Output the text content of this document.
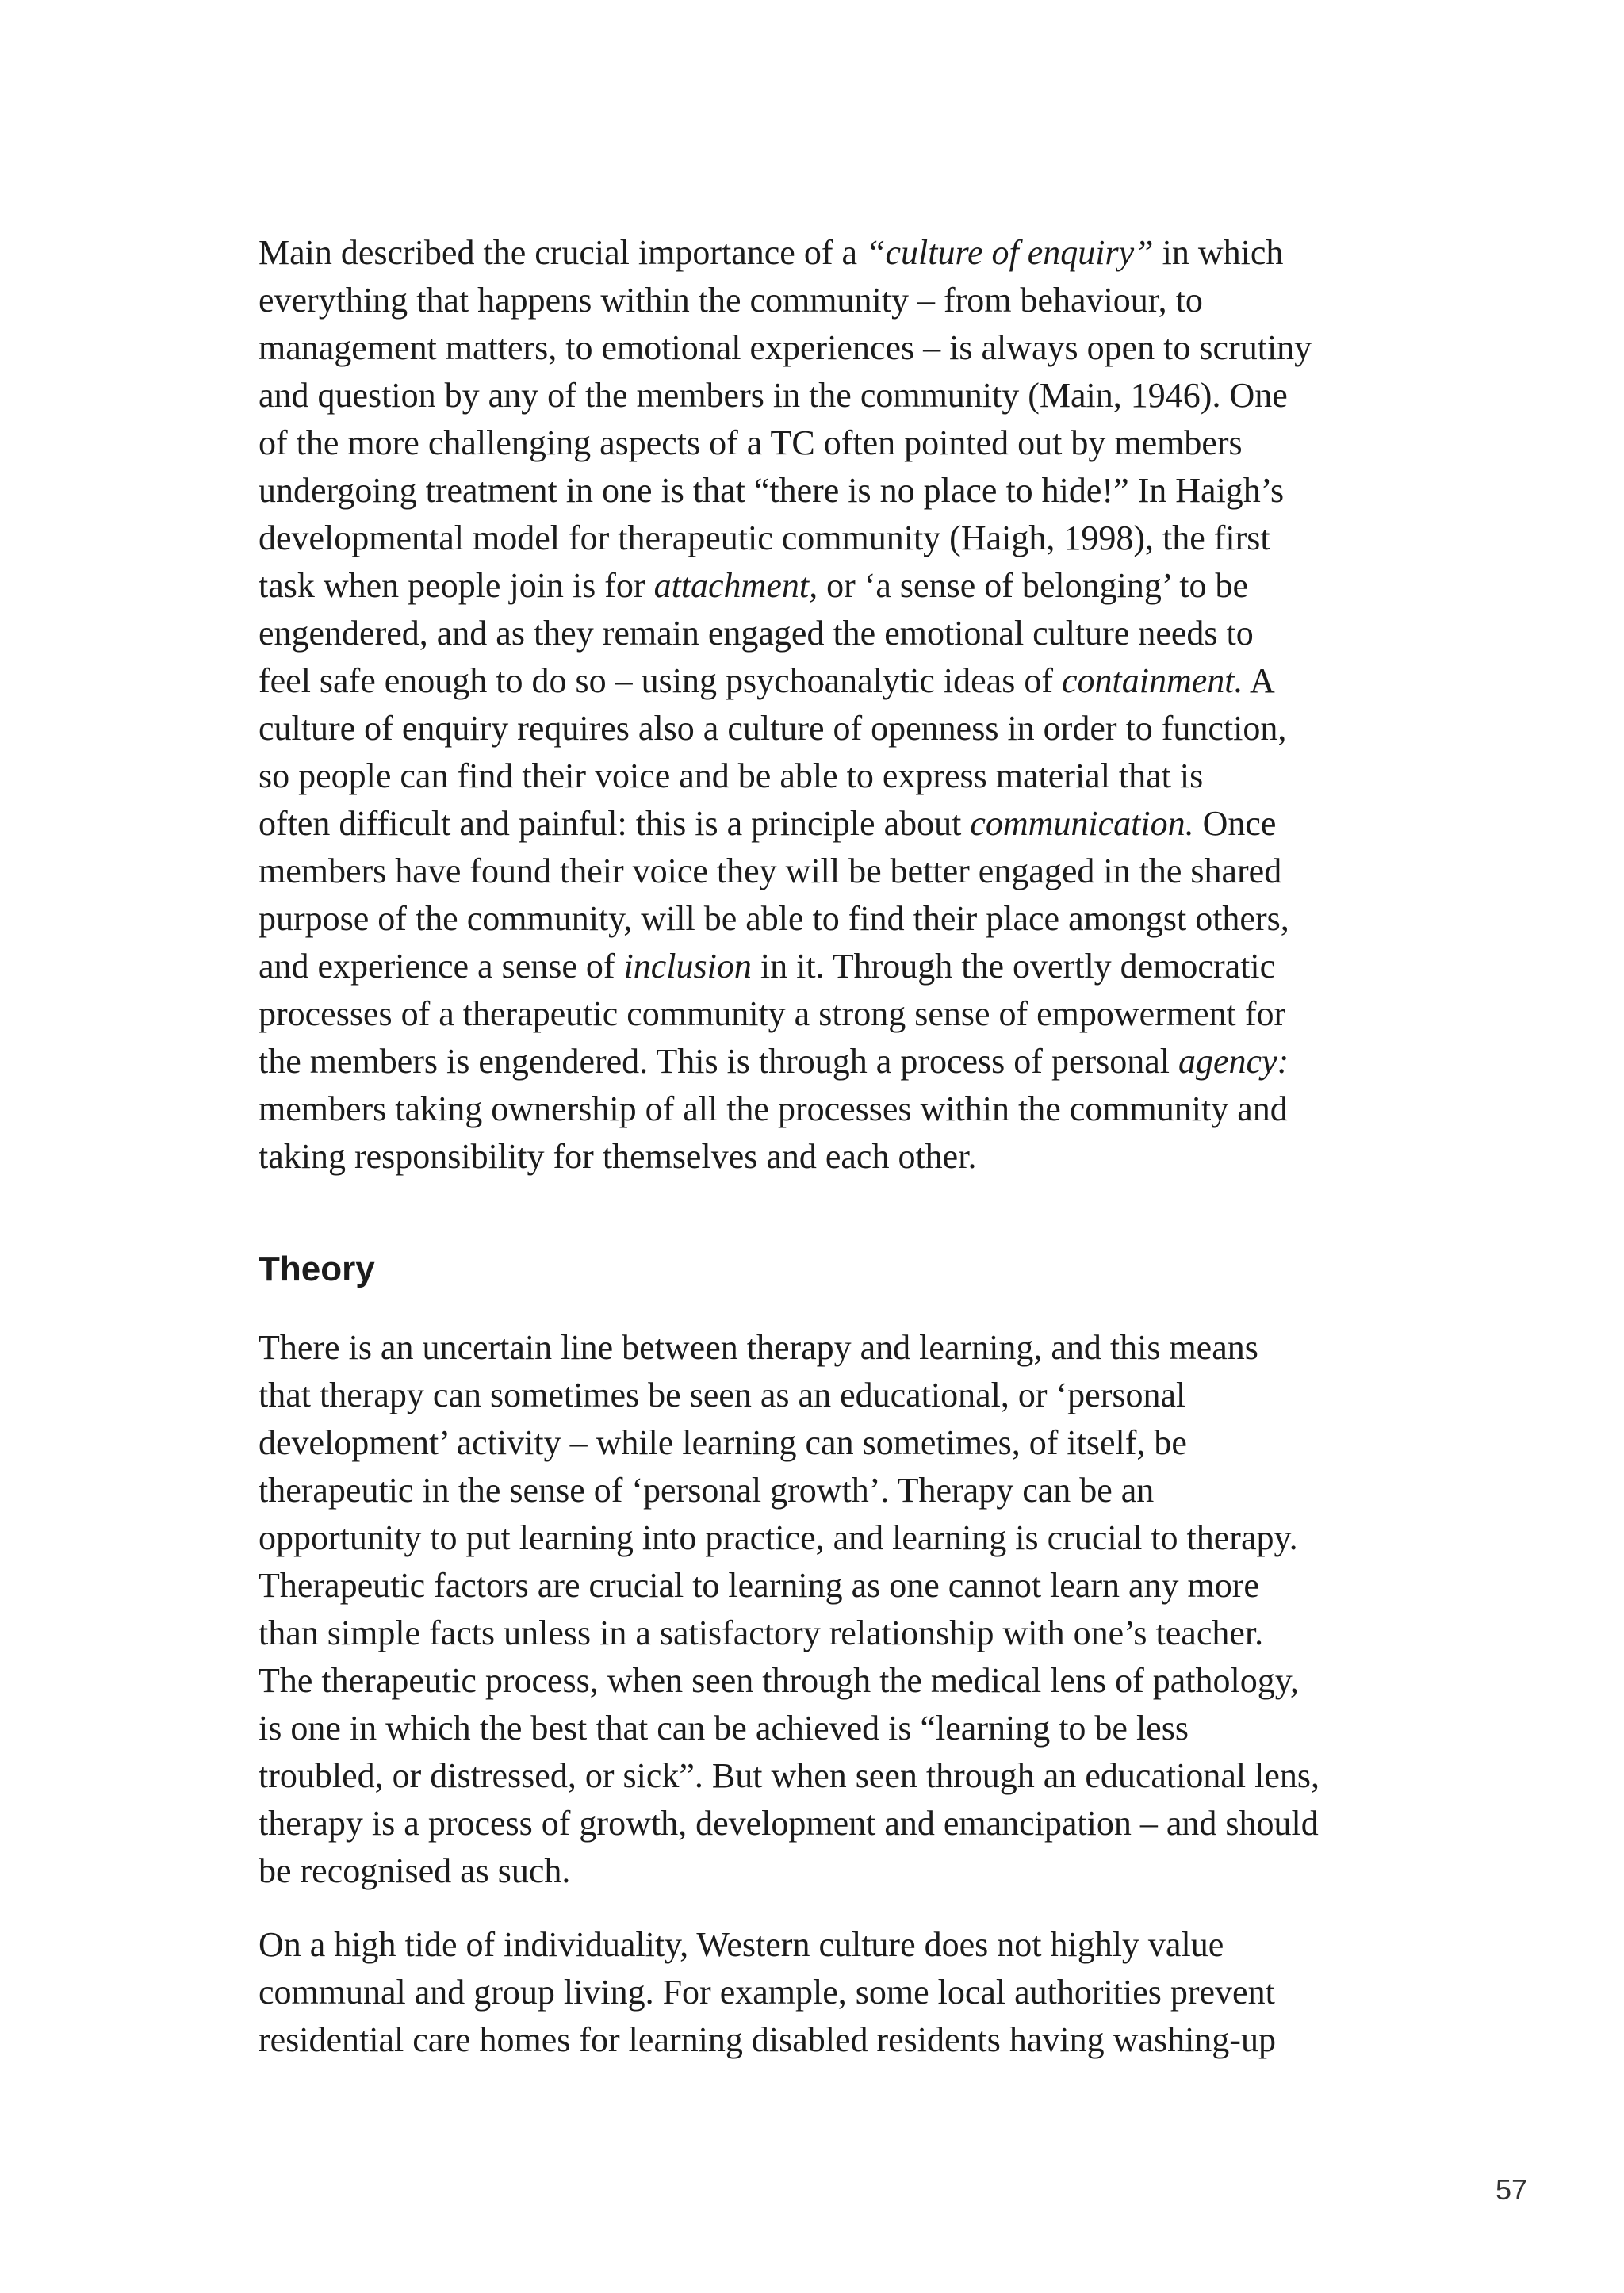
Main described the crucial importance of a “culture of enquiry” in which
everything that happens within the community – from behaviour, to
management matters, to emotional experiences – is always open to scrutiny
and question by any of the members in the community (Main, 1946). One
of the more challenging aspects of a TC often pointed out by members
undergoing treatment in one is that “there is no place to hide!” In Haigh’s
developmental model for therapeutic community (Haigh, 1998), the first
task when people join is for attachment, or ‘a sense of belonging’ to be
engendered, and as they remain engaged the emotional culture needs to
feel safe enough to do so – using psychoanalytic ideas of containment. A
culture of enquiry requires also a culture of openness in order to function,
so people can find their voice and be able to express material that is
often difficult and painful: this is a principle about communication. Once
members have found their voice they will be better engaged in the shared
purpose of the community, will be able to find their place amongst others,
and experience a sense of inclusion in it. Through the overtly democratic
processes of a therapeutic community a strong sense of empowerment for
the members is engendered. This is through a process of personal agency:
members taking ownership of all the processes within the community and
taking responsibility for themselves and each other.
Theory
There is an uncertain line between therapy and learning, and this means
that therapy can sometimes be seen as an educational, or ‘personal
development’ activity – while learning can sometimes, of itself, be
therapeutic in the sense of ‘personal growth’. Therapy can be an
opportunity to put learning into practice, and learning is crucial to therapy.
Therapeutic factors are crucial to learning as one cannot learn any more
than simple facts unless in a satisfactory relationship with one’s teacher.
The therapeutic process, when seen through the medical lens of pathology,
is one in which the best that can be achieved is “learning to be less
troubled, or distressed, or sick”. But when seen through an educational lens,
therapy is a process of growth, development and emancipation – and should
be recognised as such.
On a high tide of individuality, Western culture does not highly value
communal and group living. For example, some local authorities prevent
residential care homes for learning disabled residents having washing-up
57
